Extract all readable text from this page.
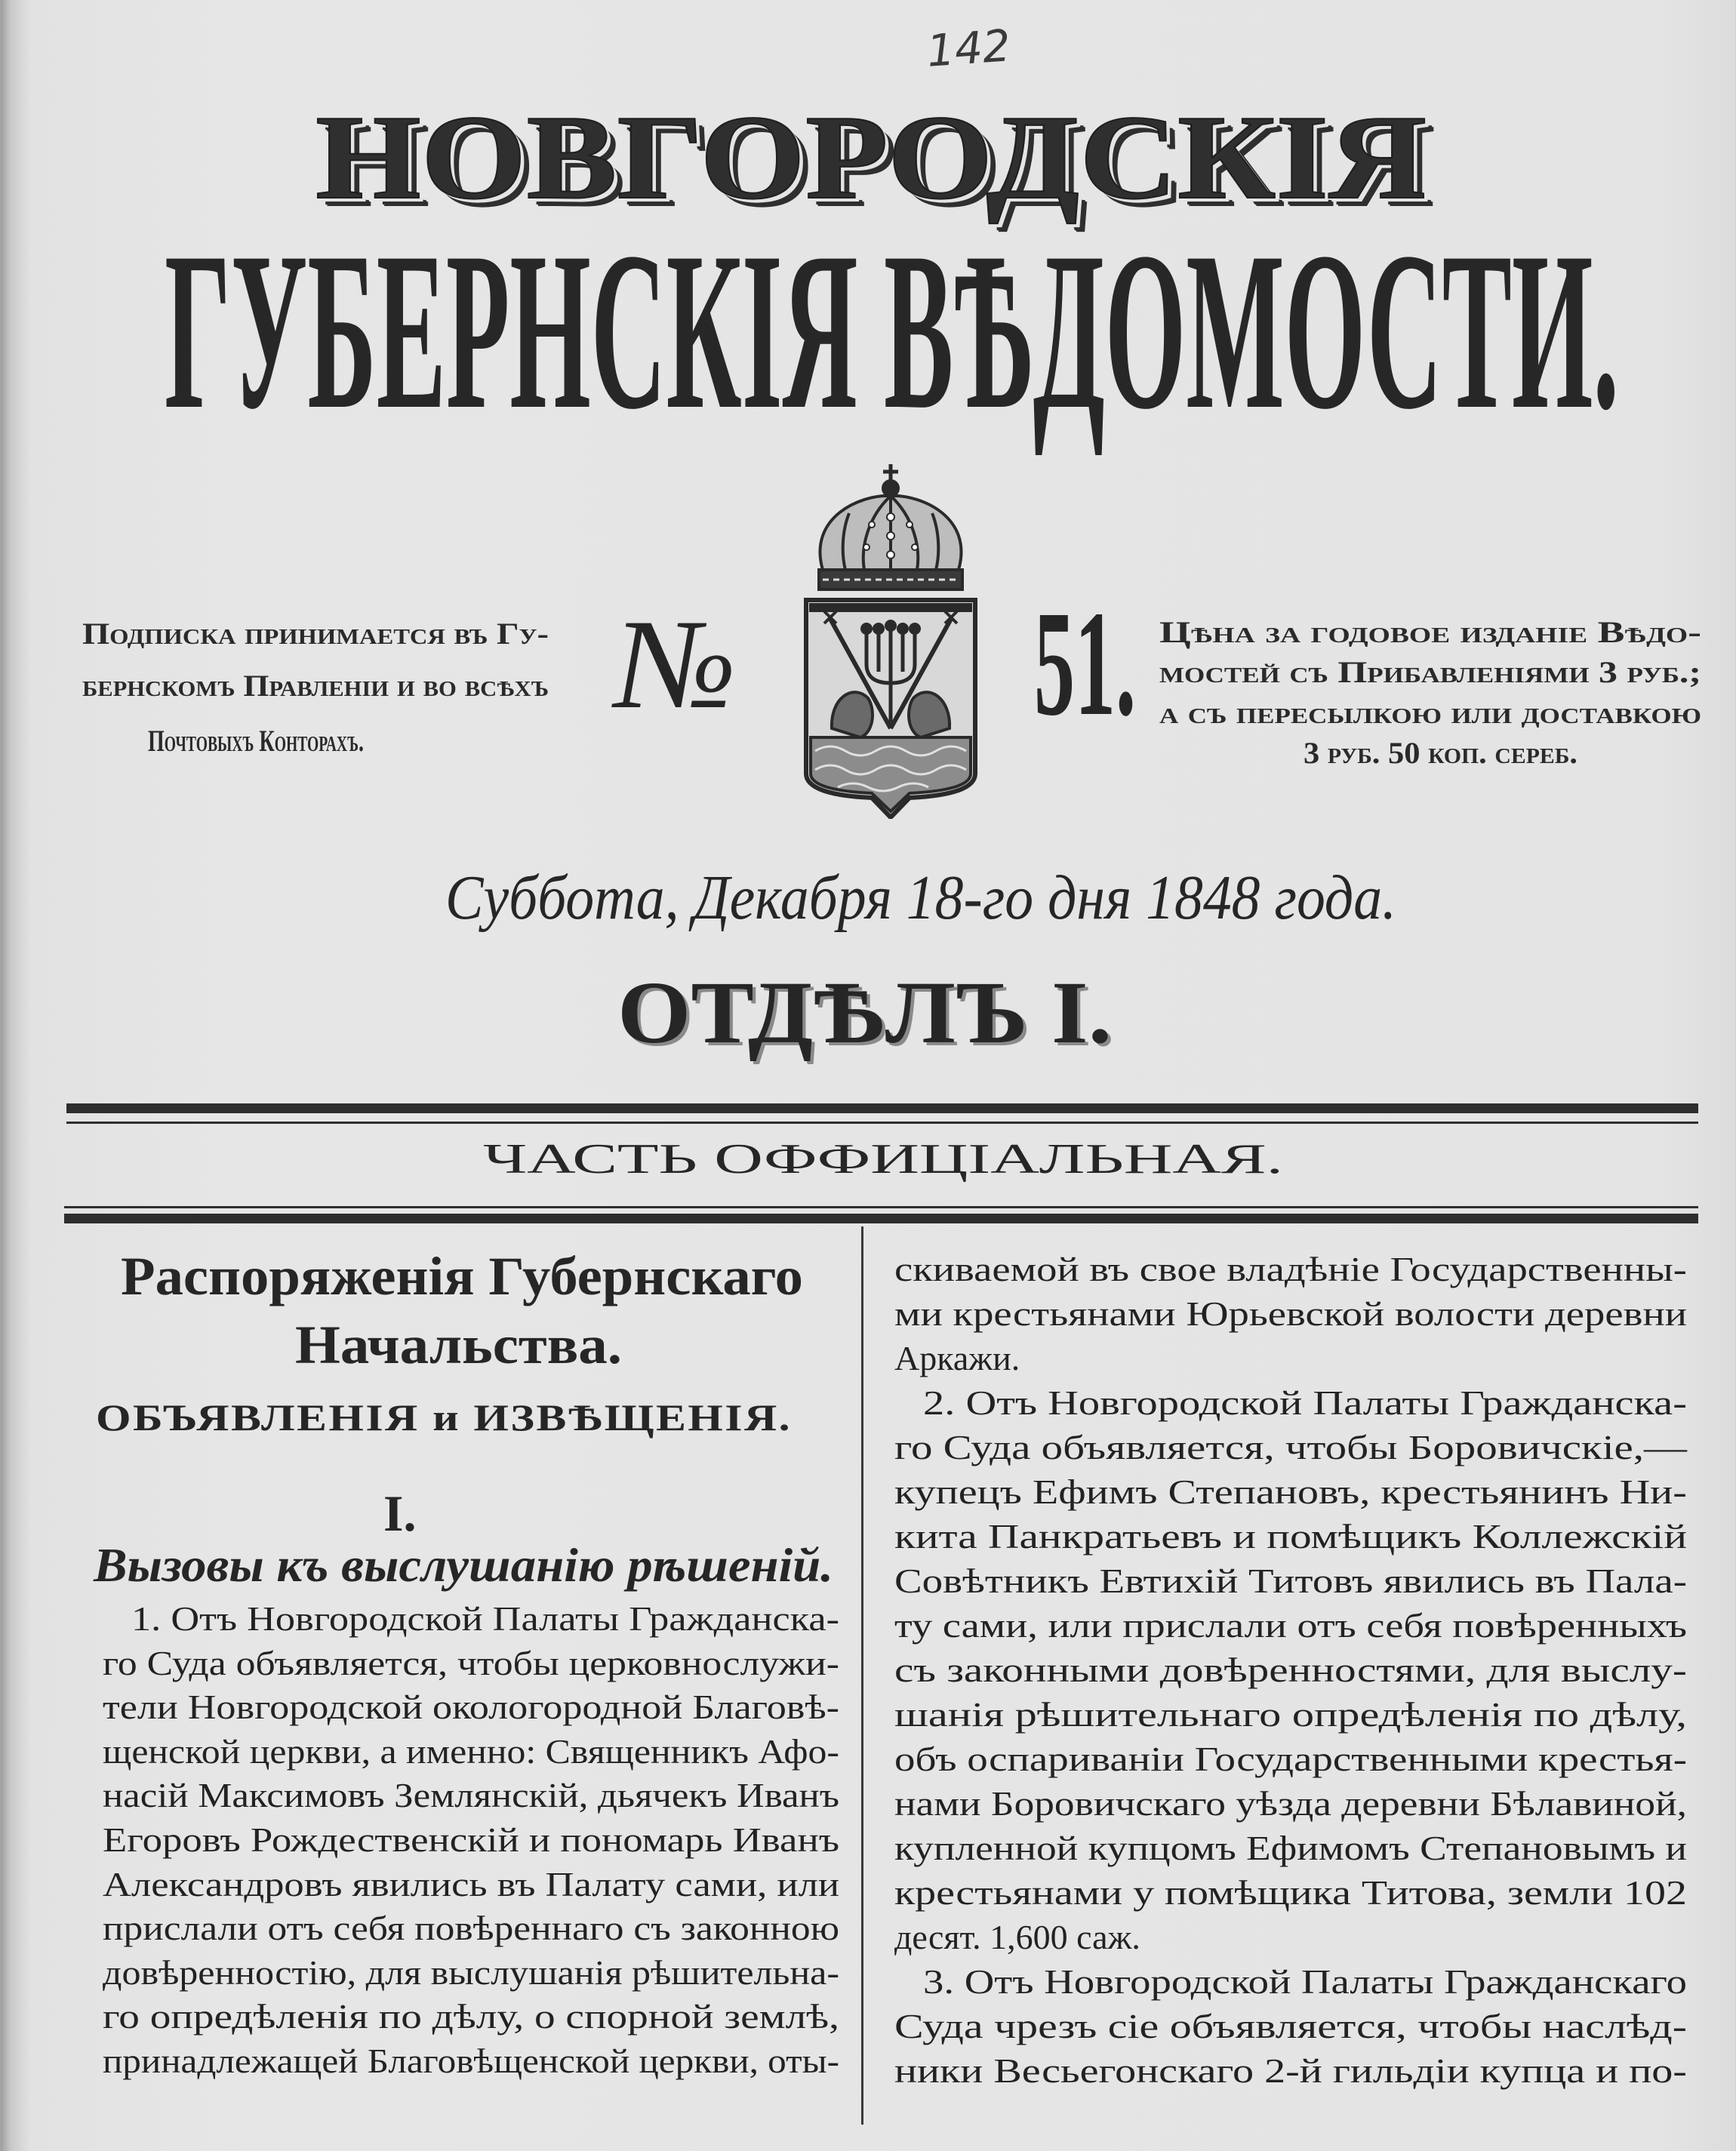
142
НОВГОРОДСКІЯ
ГУБЕРНСКІЯ ВѢДОМОСТИ.
Подписка принимается въ Гу-
бернскомъ Правленіи и во всѣхъ
Почтовыхъ Конторахъ.
№ 51. Цѣна за годовое изданіе Вѣдо-
мостей съ Прибавленіями 3 руб.;
а съ пересылкою или доставкою
3 руб. 50 коп. сереб.
Суббота, Декабря 18-го дня 1848 года.
ОТДѢЛЪ I.
ЧАСТЬ ОФФИЦІАЛЬНАЯ.
Распоряженія Губернскаго
Начальства.
ОБЪЯВЛЕНІЯ и ИЗВѢЩЕНІЯ.
I.
Вызовы къ выслушанію рѣшеній.
1. Отъ Новгородской Палаты Гражданска-
го Суда объявляется, чтобы церковнослужи-
тели Новгородской окологородной Благовѣ-
щенской церкви, а именно: Священникъ Афо-
насій Максимовъ Землянскій, дьячекъ Иванъ
Егоровъ Рождественскій и пономарь Иванъ
Александровъ явились въ Палату сами, или
прислали отъ себя повѣреннаго съ законною
довѣренностію, для выслушанія рѣшительна-
го опредѣленія по дѣлу, о спорной землѣ,
принадлежащей Благовѣщенской церкви, оты-
скиваемой въ свое владѣніе Государственны-
ми крестьянами Юрьевской волости деревни
Аркажи.
2. Отъ Новгородской Палаты Гражданска-
го Суда объявляется, чтобы Боровичскіе,—
купецъ Ефимъ Степановъ, крестьянинъ Ни-
кита Панкратьевъ и помѣщикъ Коллежскій
Совѣтникъ Евтихій Титовъ явились въ Пала-
ту сами, или прислали отъ себя повѣренныхъ
съ законными довѣренностями, для выслу-
шанія рѣшительнаго опредѣленія по дѣлу,
объ оспариваніи Государственными крестья-
нами Боровичскаго уѣзда деревни Бѣлавиной,
купленной купцомъ Ефимомъ Степановымъ и
крестьянами у помѣщика Титова, земли 102
десят. 1,600 саж.
3. Отъ Новгородской Палаты Гражданскаго
Суда чрезъ сіе объявляется, чтобы наслѣд-
ники Весьегонскаго 2-й гильдіи купца и по-
